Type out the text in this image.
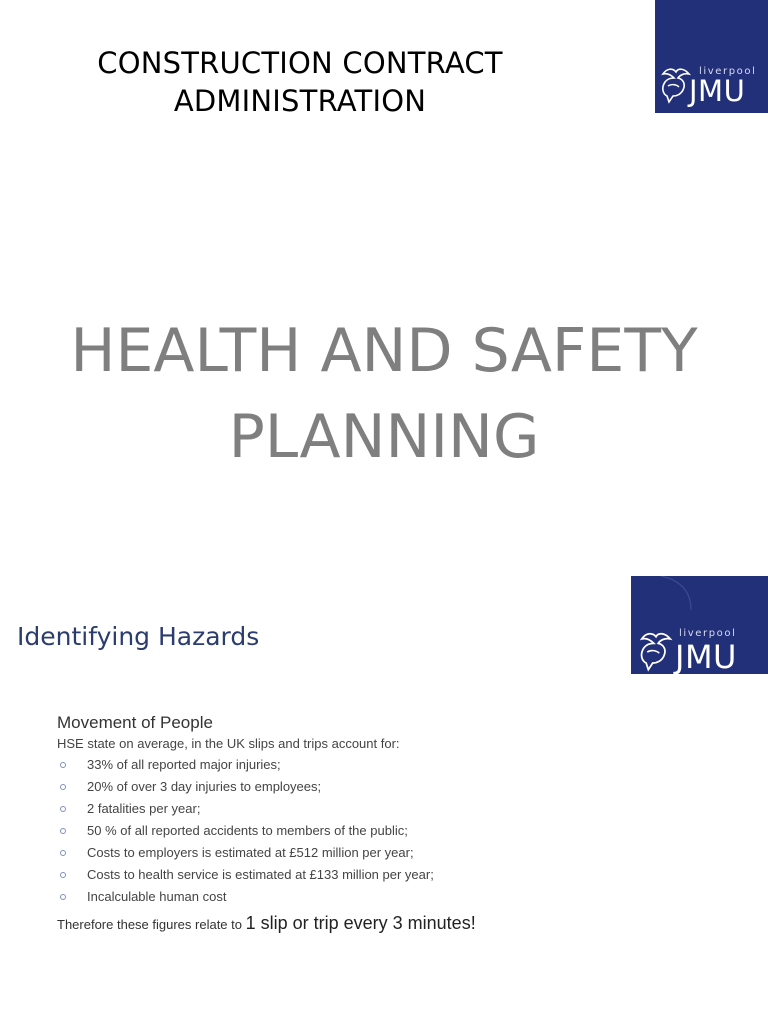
CONSTRUCTION CONTRACT
ADMINISTRATION
liverpool
JMU
HEALTH AND SAFETY
PLANNING
Identifying Hazards	liverpool
JMU
Movement of People
HSE state on average, in the UK slips and trips account for:
33% of all reported major injuries;
20% of over 3 day injuries to employees;
2 fatalities per year;
50 % of all reported accidents to members of the public;
Costs to employers is estimated at £512 million per year;
Costs to health service is estimated at £133 million per year;
Incalculable human cost
Therefore these figures relate to 1 slip or trip every 3 minutes!
